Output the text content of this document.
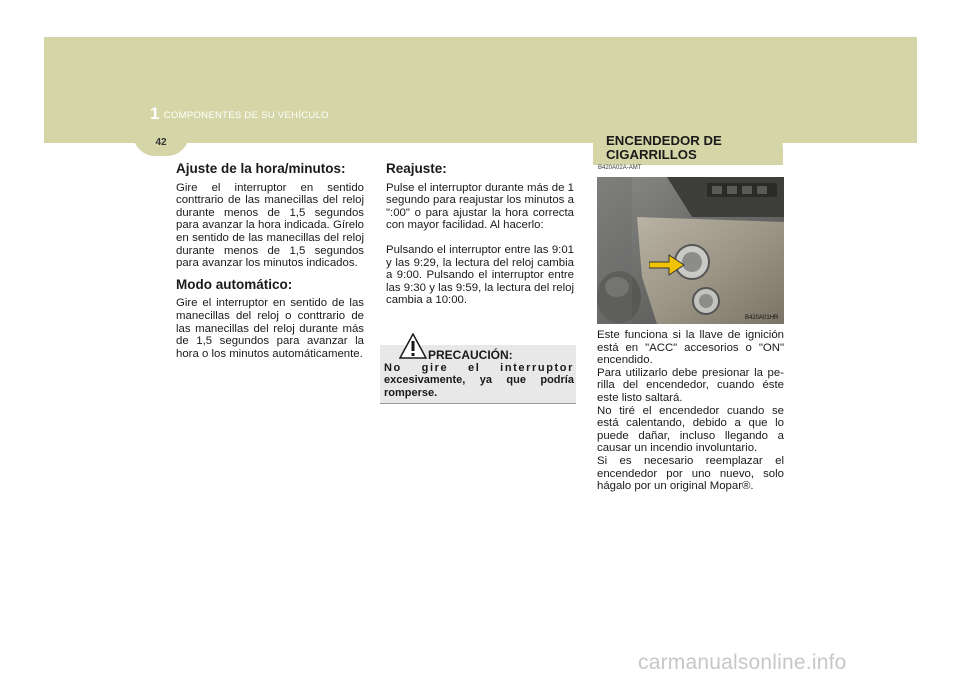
1 COMPONENTES DE SU VEHÍCULO
42
Ajuste de la hora/minutos:

Gire el interruptor en sentido conttrario de las manecillas del reloj durante menos de 1,5 segundos para avanzar la hora indicada. Gírelo en sentido de las manecillas del reloj durante menos de 1,5 segundos para avanzar los minutos indicados.

Modo automático:

Gire el interruptor en sentido de las manecillas del reloj o conttrario de las manecillas del reloj durante más de 1,5 segundos para avanzar la hora o los minutos automáticamente.

Reajuste:

Pulse el interruptor durante más de 1 segundo para reajustar los minutos a ":00" o para ajustar la hora correcta con mayor facilidad. Al hacerlo:

Pulsando el interruptor entre las 9:01 y las 9:29, la lectura del reloj cambia a 9:00. Pulsando el interruptor entre las 9:30 y las 9:59, la lectura del reloj cambia a 10:00.

PRECAUCIÓN:
No gire el interruptor
excesivamente, ya que podría romperse.
ENCENDEDOR DE
CIGARRILLOS
B420A02A-AMT
B420A01HR

Este funciona si la llave de ignición está en "ACC" accesorios o "ON" encendido.

Para utilizarlo debe presionar la pe-rilla del encendedor, cuando éste este listo saltará.

No tiré el encendedor cuando se está calentando, debido a que lo puede dañar, incluso llegando a causar un incendio involuntario.

Si es necesario reemplazar el encendedor por uno nuevo, solo hágalo por un original Mopar®.

carmanualsonline.info
